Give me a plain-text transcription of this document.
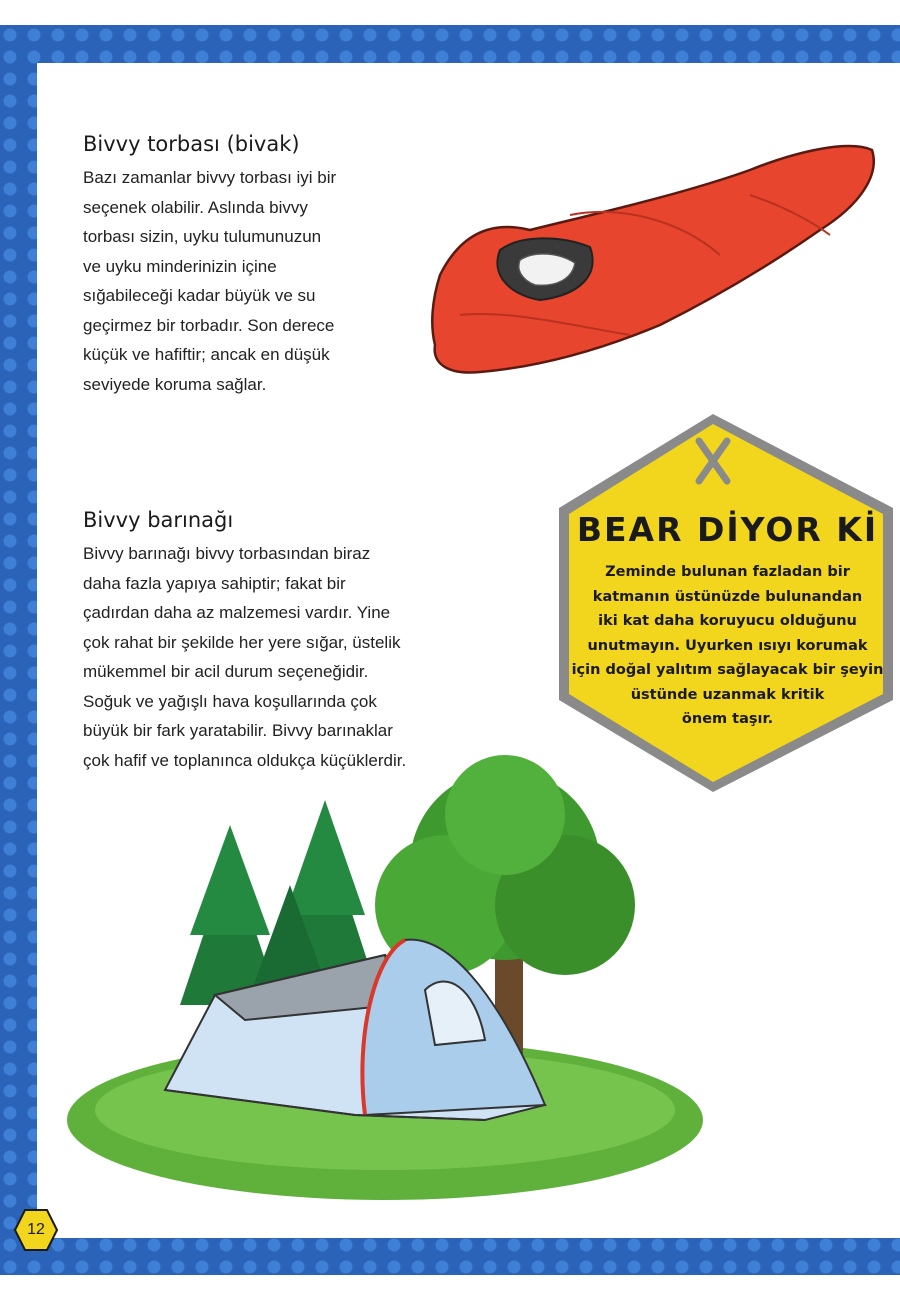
Bivvy torbası (bivak)

Bazı zamanlar bivvy torbası iyi bir
seçenek olabilir. Aslında bivvy
torbası sizin, uyku tulumunuzun
ve uyku minderinizin içine
sığabileceği kadar büyük ve su
geçirmez bir torbadır. Son derece
küçük ve hafiftir; ancak en düşük
seviyede koruma sağlar.

Bivvy barınağı

Bivvy barınağı bivvy torbasından biraz
daha fazla yapıya sahiptir; fakat bir
çadırdan daha az malzemesi vardır. Yine
çok rahat bir şekilde her yere sığar, üstelik
mükemmel bir acil durum seçeneğidir.
Soğuk ve yağışlı hava koşullarında çok
büyük bir fark yaratabilir. Bivvy barınaklar
çok hafif ve toplanınca oldukça küçüklerdir.

BEAR DİYOR Kİ
Zeminde bulunan fazladan bir
katmanın üstünüzde bulunandan
iki kat daha koruyucu olduğunu
unutmayın. Uyurken ısıyı korumak
için doğal yalıtım sağlayacak bir şeyin
üstünde uzanmak kritik
önem taşır.
12
